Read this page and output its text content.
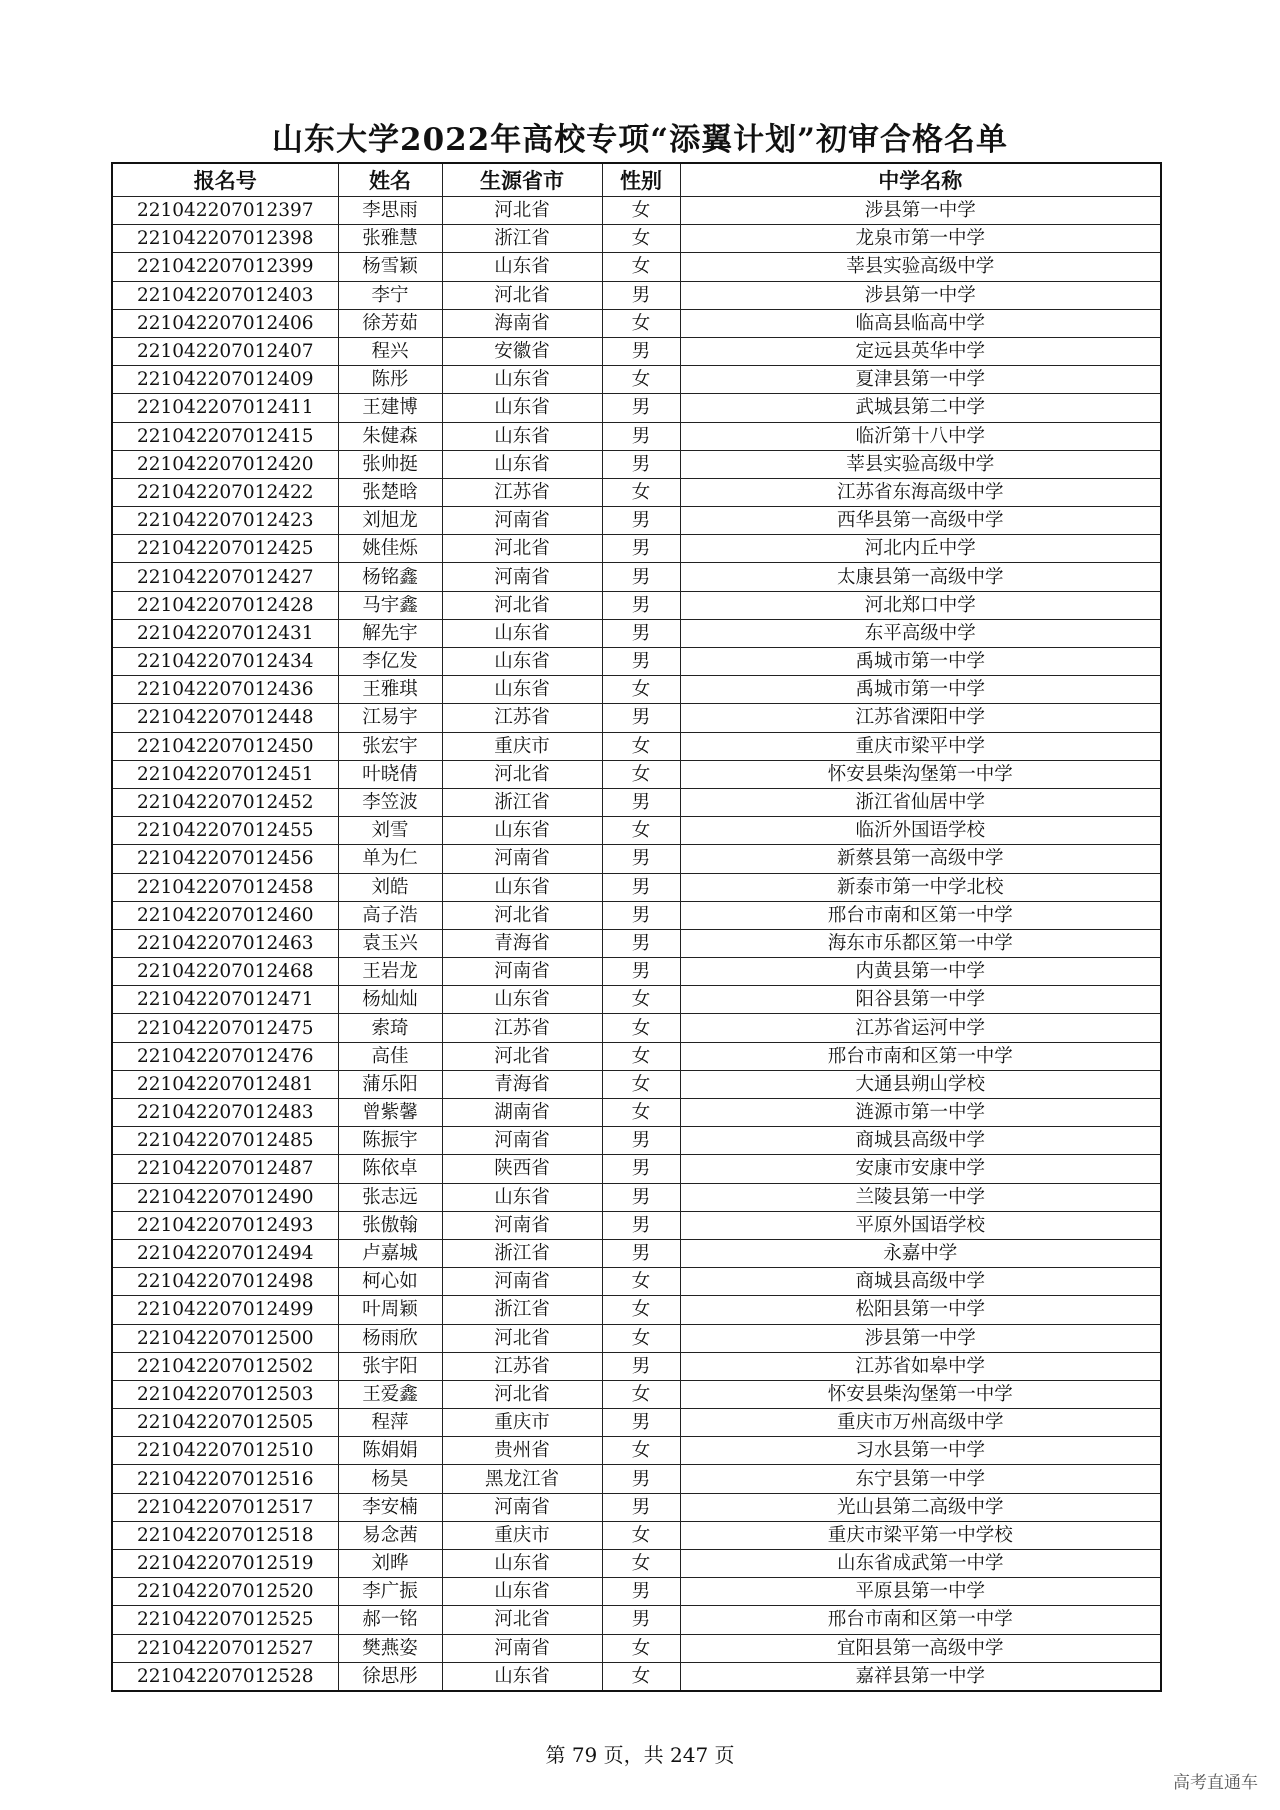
山东大学2022年高校专项“添翼计划”初审合格名单
报名号	姓名	生源省市	性别	中学名称
221042207012397	李思雨	河北省	女	涉县第一中学
221042207012398	张雅慧	浙江省	女	龙泉市第一中学
221042207012399	杨雪颖	山东省	女	莘县实验高级中学
221042207012403	李宁	河北省	男	涉县第一中学
221042207012406	徐芳茹	海南省	女	临高县临高中学
221042207012407	程兴	安徽省	男	定远县英华中学
221042207012409	陈彤	山东省	女	夏津县第一中学
221042207012411	王建博	山东省	男	武城县第二中学
221042207012415	朱健森	山东省	男	临沂第十八中学
221042207012420	张帅挺	山东省	男	莘县实验高级中学
221042207012422	张楚晗	江苏省	女	江苏省东海高级中学
221042207012423	刘旭龙	河南省	男	西华县第一高级中学
221042207012425	姚佳烁	河北省	男	河北内丘中学
221042207012427	杨铭鑫	河南省	男	太康县第一高级中学
221042207012428	马宇鑫	河北省	男	河北郑口中学
221042207012431	解先宇	山东省	男	东平高级中学
221042207012434	李亿发	山东省	男	禹城市第一中学
221042207012436	王雅琪	山东省	女	禹城市第一中学
221042207012448	江易宇	江苏省	男	江苏省溧阳中学
221042207012450	张宏宇	重庆市	女	重庆市梁平中学
221042207012451	叶晓倩	河北省	女	怀安县柴沟堡第一中学
221042207012452	李笠波	浙江省	男	浙江省仙居中学
221042207012455	刘雪	山东省	女	临沂外国语学校
221042207012456	单为仁	河南省	男	新蔡县第一高级中学
221042207012458	刘皓	山东省	男	新泰市第一中学北校
221042207012460	高子浩	河北省	男	邢台市南和区第一中学
221042207012463	袁玉兴	青海省	男	海东市乐都区第一中学
221042207012468	王岩龙	河南省	男	内黄县第一中学
221042207012471	杨灿灿	山东省	女	阳谷县第一中学
221042207012475	索琦	江苏省	女	江苏省运河中学
221042207012476	高佳	河北省	女	邢台市南和区第一中学
221042207012481	蒲乐阳	青海省	女	大通县朔山学校
221042207012483	曾紫馨	湖南省	女	涟源市第一中学
221042207012485	陈振宇	河南省	男	商城县高级中学
221042207012487	陈依卓	陕西省	男	安康市安康中学
221042207012490	张志远	山东省	男	兰陵县第一中学
221042207012493	张傲翰	河南省	男	平原外国语学校
221042207012494	卢嘉城	浙江省	男	永嘉中学
221042207012498	柯心如	河南省	女	商城县高级中学
221042207012499	叶周颖	浙江省	女	松阳县第一中学
221042207012500	杨雨欣	河北省	女	涉县第一中学
221042207012502	张宇阳	江苏省	男	江苏省如皋中学
221042207012503	王爱鑫	河北省	女	怀安县柴沟堡第一中学
221042207012505	程萍	重庆市	男	重庆市万州高级中学
221042207012510	陈娟娟	贵州省	女	习水县第一中学
221042207012516	杨昊	黑龙江省	男	东宁县第一中学
221042207012517	李安楠	河南省	男	光山县第二高级中学
221042207012518	易念茜	重庆市	女	重庆市梁平第一中学校
221042207012519	刘晔	山东省	女	山东省成武第一中学
221042207012520	李广振	山东省	男	平原县第一中学
221042207012525	郝一铭	河北省	男	邢台市南和区第一中学
221042207012527	樊燕姿	河南省	女	宜阳县第一高级中学
221042207012528	徐思彤	山东省	女	嘉祥县第一中学
第 79 页，共 247 页
高考直通车
